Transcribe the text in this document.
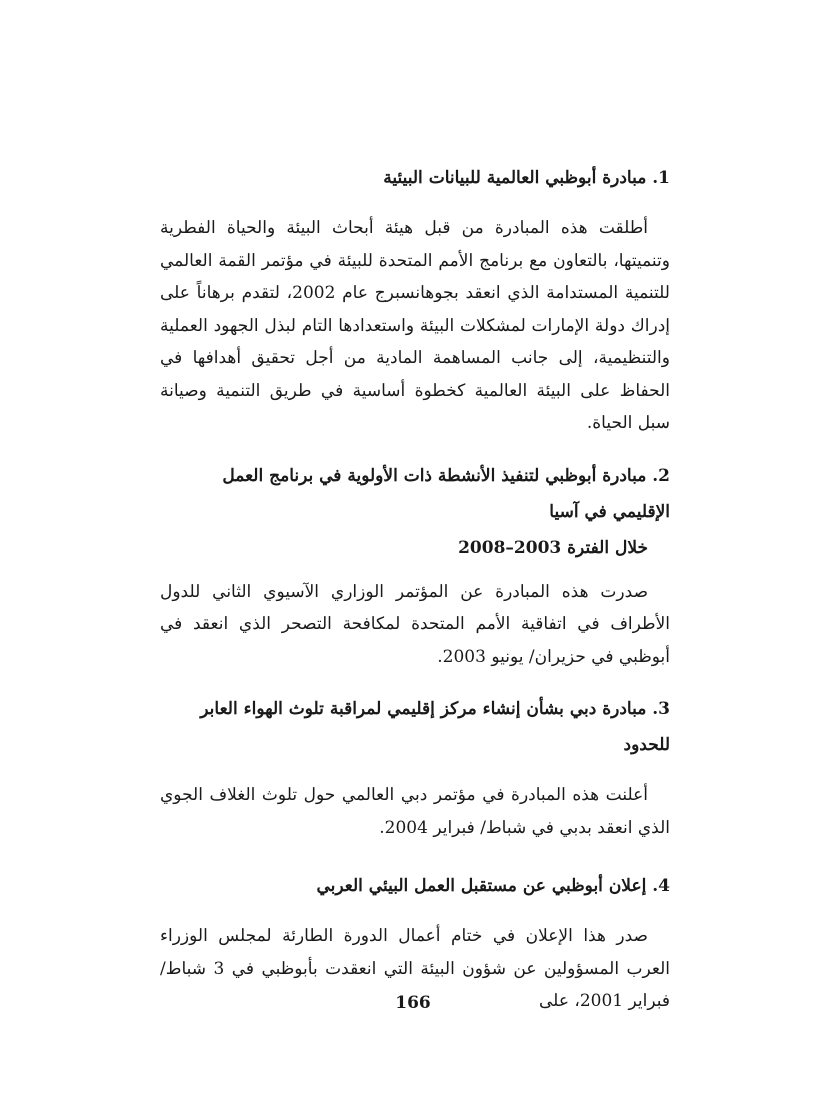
1. مبادرة أبوظبي العالمية للبيانات البيئية

أطلقت هذه المبادرة من قبل هيئة أبحاث البيئة والحياة الفطرية وتنميتها، بالتعاون مع برنامج الأمم المتحدة للبيئة في مؤتمر القمة العالمي للتنمية المستدامة الذي انعقد بجوهانسبرج عام 2002، لتقدم برهاناً على إدراك دولة الإمارات لمشكلات البيئة واستعدادها التام لبذل الجهود العملية والتنظيمية، إلى جانب المساهمة المادية من أجل تحقيق أهدافها في الحفاظ على البيئة العالمية كخطوة أساسية في طريق التنمية وصيانة سبل الحياة.

2. مبادرة أبوظبي لتنفيذ الأنشطة ذات الأولوية في برنامج العمل الإقليمي في آسيا
خلال الفترة 2003–2008

صدرت هذه المبادرة عن المؤتمر الوزاري الآسيوي الثاني للدول الأطراف في اتفاقية الأمم المتحدة لمكافحة التصحر الذي انعقد في أبوظبي في حزيران/ يونيو 2003.

3. مبادرة دبي بشأن إنشاء مركز إقليمي لمراقبة تلوث الهواء العابر للحدود

أعلنت هذه المبادرة في مؤتمر دبي العالمي حول تلوث الغلاف الجوي الذي انعقد بدبي في شباط/ فبراير 2004.

4. إعلان أبوظبي عن مستقبل العمل البيئي العربي

صدر هذا الإعلان في ختام أعمال الدورة الطارئة لمجلس الوزراء العرب المسؤولين عن شؤون البيئة التي انعقدت بأبوظبي في 3 شباط/ فبراير 2001، على

166
